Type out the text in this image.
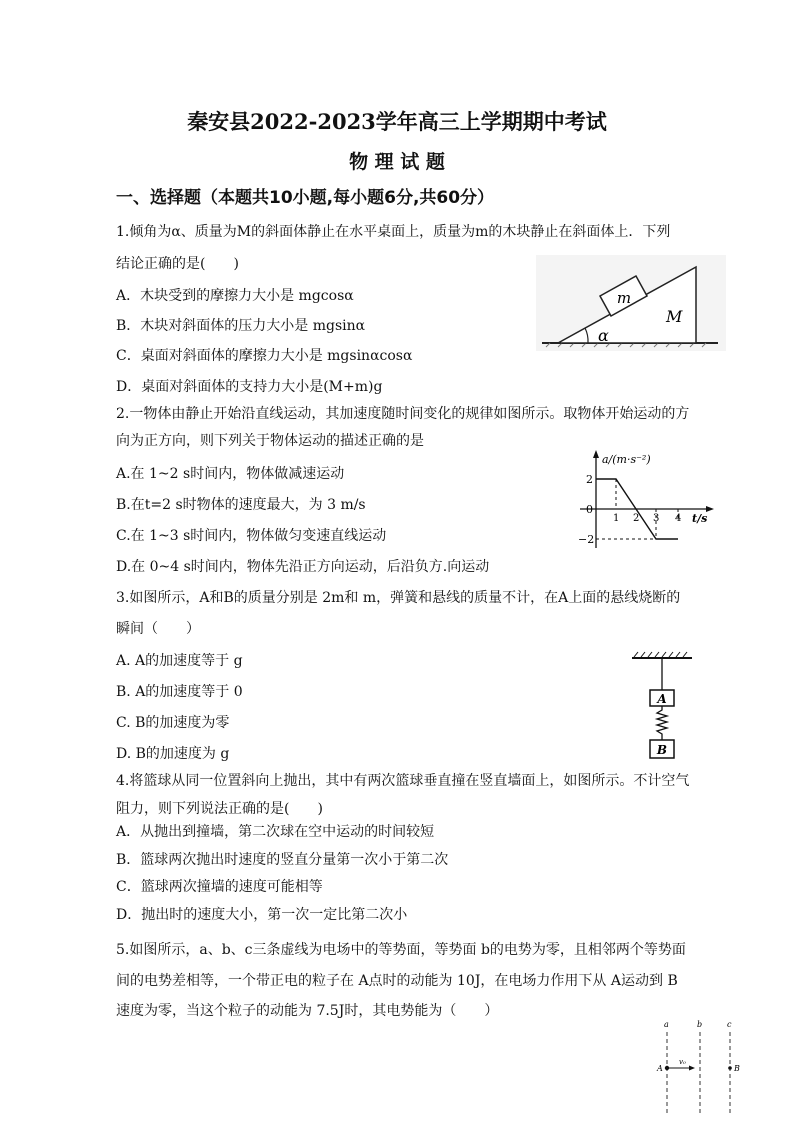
秦安县2022-2023学年高三上学期期中考试
物 理 试 题
一、选择题（本题共10小题,每小题6分,共60分）
1.倾角为α、质量为M的斜面体静止在水平桌面上，质量为m的木块静止在斜面体上．下列
结论正确的是(　　)
A．木块受到的摩擦力大小是 mgcosα
B．木块对斜面体的压力大小是 mgsinα
C．桌面对斜面体的摩擦力大小是 mgsinαcosα
D．桌面对斜面体的支持力大小是(M+m)g
m
M
α
2.一物体由静止开始沿直线运动，其加速度随时间变化的规律如图所示。取物体开始运动的方
向为正方向，则下列关于物体运动的描述正确的是
A.在 1~2 s时间内，物体做减速运动
B.在t=2 s时物体的速度最大，为 3 m/s
C.在 1~3 s时间内，物体做匀变速直线运动
D.在 0~4 s时间内，物体先沿正方向运动，后沿负方.向运动
a/(m·s⁻²)
t/s
0
2
−2
1 2 3 4
3.如图所示，A和B的质量分别是 2m和 m，弹簧和悬线的质量不计，在A上面的悬线烧断的
瞬间（　　）
A. A的加速度等于 g
B. A的加速度等于 0
C. B的加速度为零
D. B的加速度为 g
A
B
4.将篮球从同一位置斜向上抛出，其中有两次篮球垂直撞在竖直墙面上，如图所示。不计空气
阻力，则下列说法正确的是(　　)
A．从抛出到撞墙，第二次球在空中运动的时间较短
B．篮球两次抛出时速度的竖直分量第一次小于第二次
C．篮球两次撞墙的速度可能相等
D．抛出时的速度大小，第一次一定比第二次小
5.如图所示，a、b、c三条虚线为电场中的等势面，等势面 b的电势为零，且相邻两个等势面
间的电势差相等，一个带正电的粒子在 A点时的动能为 10J，在电场力作用下从 A运动到 B
速度为零，当这个粒子的动能为 7.5J时，其电势能为（　　）
a	b	c
A	B
v₀
